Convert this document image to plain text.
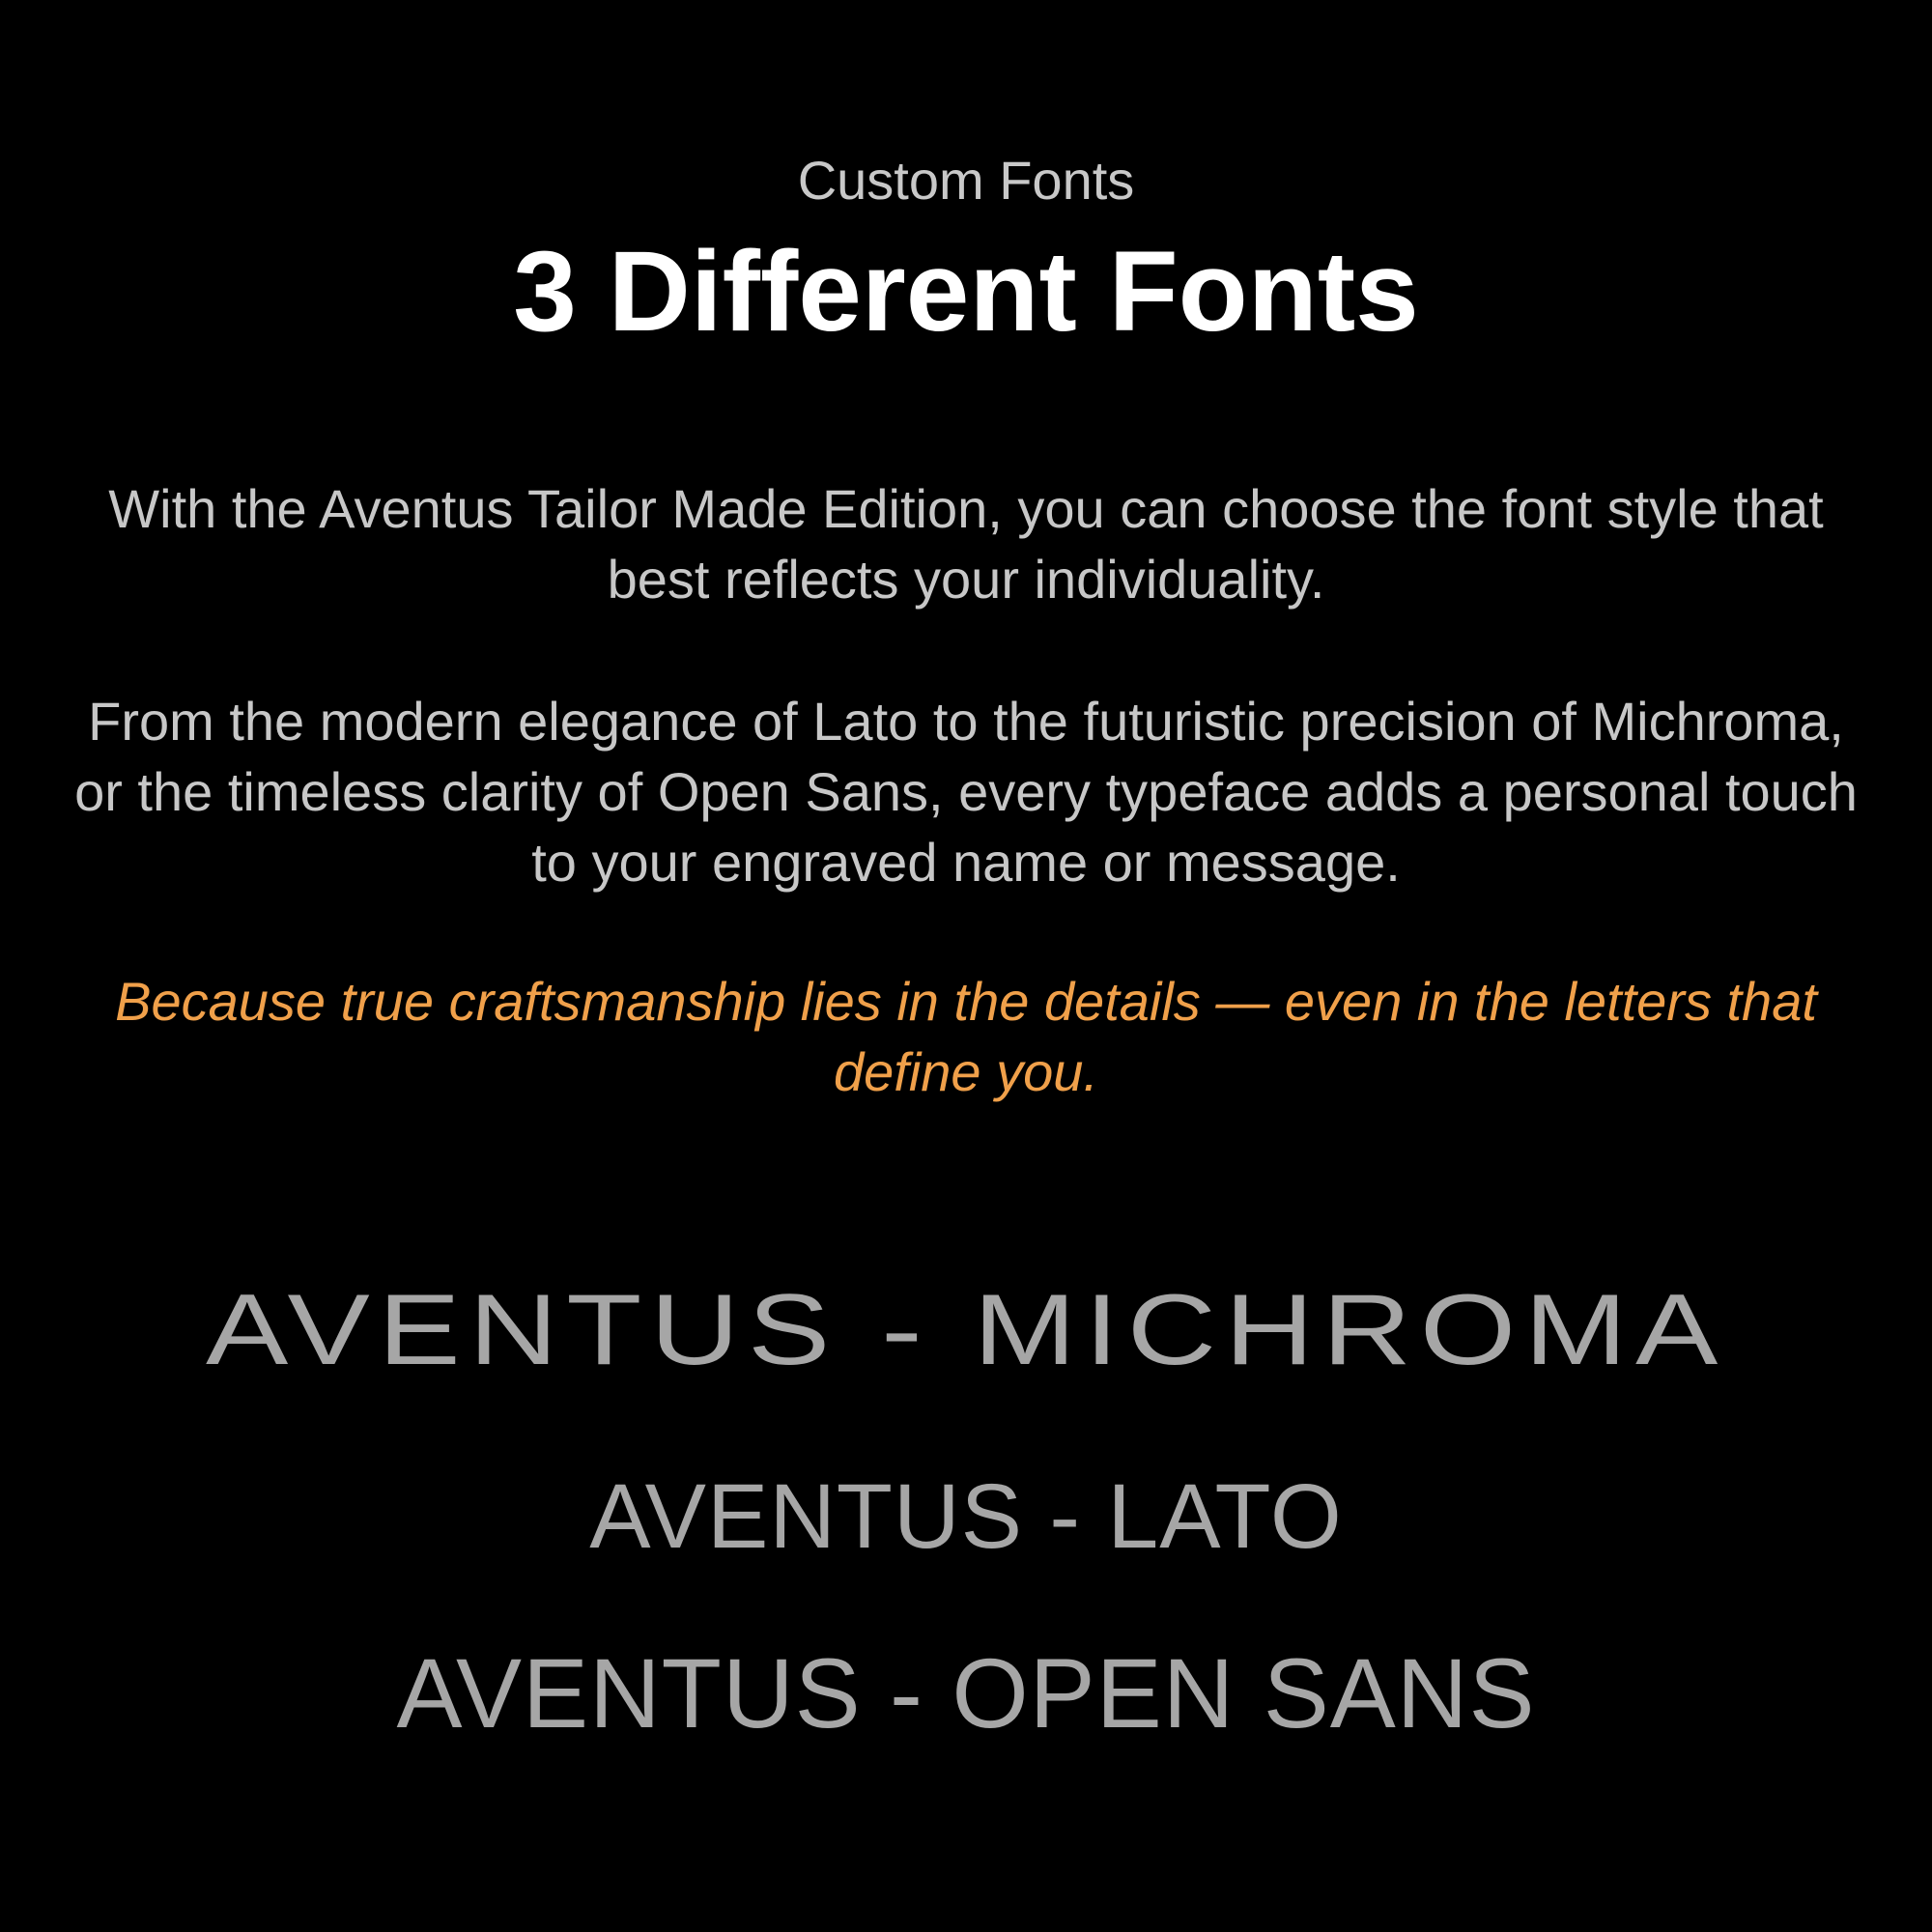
Custom Fonts
3 Different Fonts

With the Aventus Tailor Made Edition, you can choose the font style that best reflects your individuality.

From the modern elegance of Lato to the futuristic precision of Michroma, or the timeless clarity of Open Sans, every typeface adds a personal touch to your engraved name or message.

Because true craftsmanship lies in the details — even in the letters that define you.

AVENTUS - MICHROMA
AVENTUS - LATO
AVENTUS - OPEN SANS
